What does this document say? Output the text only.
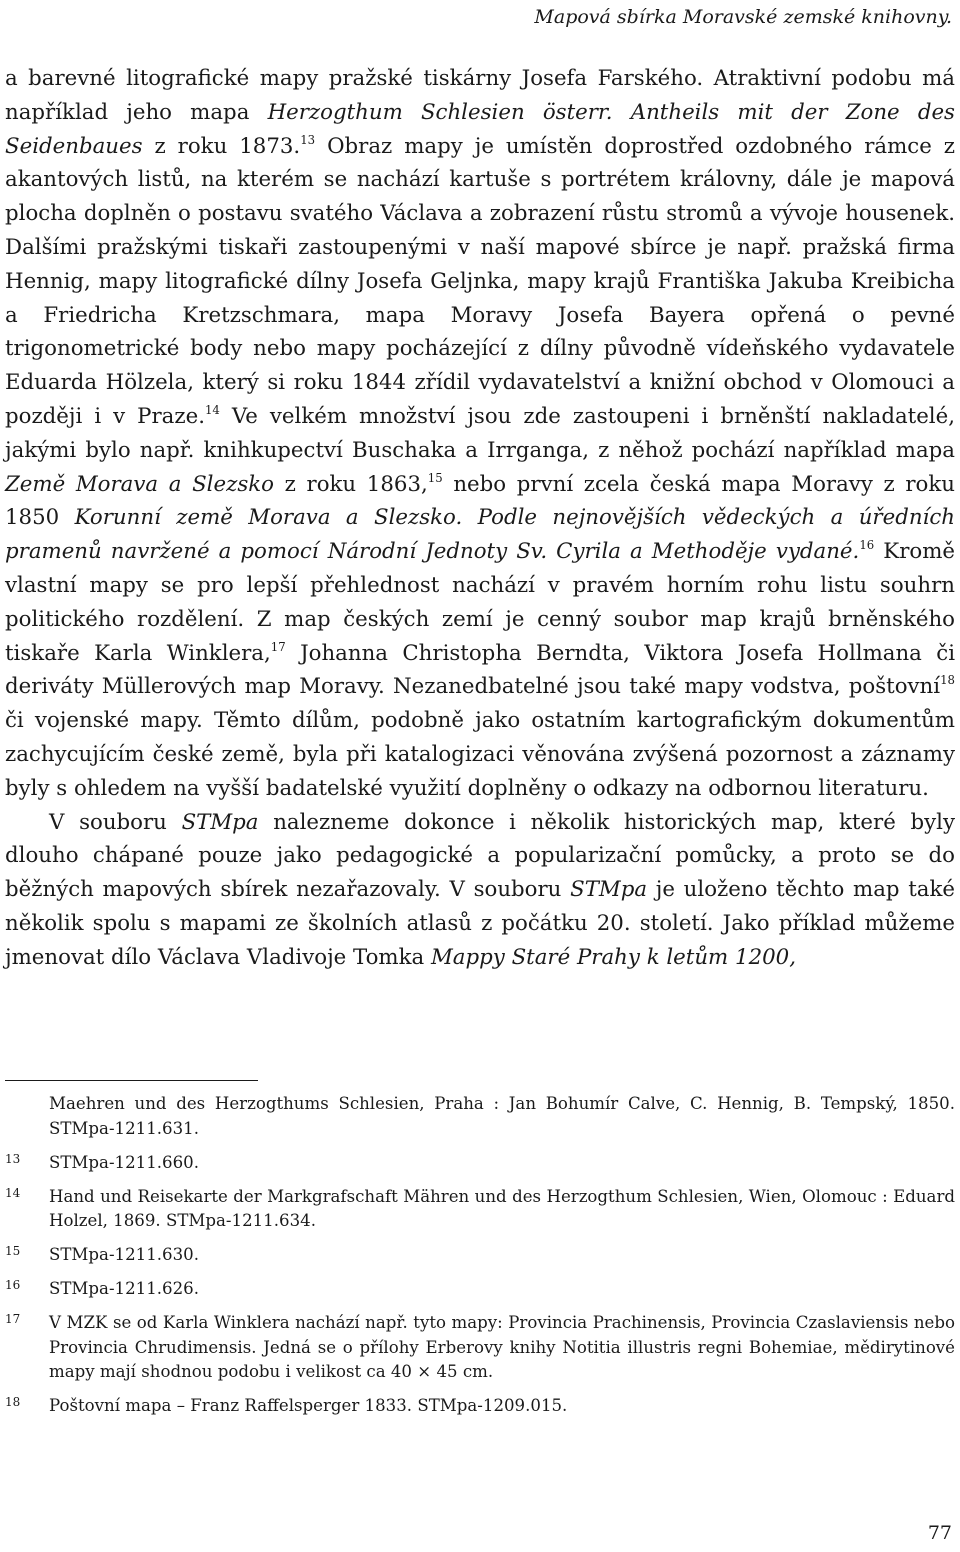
Mapová sbírka Moravské zemské knihovny.

a barevné litografické mapy pražské tiskárny Josefa Farského. Atraktivní podobu má například jeho mapa Herzogthum Schlesien österr. Antheils mit der Zone des Seidenbaues z roku 1873.13 Obraz mapy je umístěn doprostřed ozdobného rámce z akantových listů, na kterém se nachází kartuše s portrétem královny, dále je mapová plocha doplněn o postavu svatého Václava a zobrazení růstu stromů a vývoje housenek. Dalšími pražskými tiskaři zastoupenými v naší mapové sbírce je např. pražská firma Hennig, mapy litografické dílny Josefa Geljnka, mapy krajů Františka Jakuba Kreibicha a Friedricha Kretzschmara, mapa Moravy Josefa Bayera opřená o pevné trigonometrické body nebo mapy pocházející z dílny původně vídeňského vydavatele Eduarda Hölzela, který si roku 1844 zřídil vydavatelství a knižní obchod v Olomouci a později i v Praze.$^{14}$ Ve velkém množství jsou zde zastoupeni i brněnští nakladatelé, jakými bylo např. knihkupectví Buschaka a Irrganga, z něhož pochází například mapa Země Morava a Slezsko z roku 1863,15 nebo první zcela česká mapa Moravy z roku 1850 Korunní země Morava a Slezsko. Podle nejnovějších vědeckých a úředních pramenů navržené a pomocí Národní Jednoty Sv. Cyrila a Methoděje vydané.$^{16}$ Kromě vlastní mapy se pro lepší přehlednost nachází v pravém horním rohu listu souhrn politického rozdělení. Z map českých zemí je cenný soubor map krajů brněnského tiskaře Karla Winklera,$^{17}$ Johanna Christopha Berndta, Viktora Josefa Hollmana či deriváty Müllerových map Moravy. Nezanedbatelné jsou také mapy vodstva, poštovní$^{18}$ či vojenské mapy. Těmto dílům, podobně jako ostatním kartografickým dokumentům zachycujícím české země, byla při katalogizaci věnována zvýšená pozornost a záznamy byly s ohledem na vyšší badatelské využití doplněny o odkazy na odbornou literaturu.

V souboru STMpa nalezneme dokonce i několik historických map, které byly dlouho chápané pouze jako pedagogické a popularizační pomůcky, a proto se do běžných mapových sbírek nezařazovaly. V souboru STMpa je uloženo těchto map také několik spolu s mapami ze školních atlasů z počátku 20. století. Jako příklad můžeme jmenovat dílo Václava Vladivoje Tomka Mappy Staré Prahy k letům 1200,

Maehren und des Herzogthums Schlesien, Praha : Jan Bohumír Calve, C. Hennig, B. Tempský, 1850. STMpa-1211.631.
13 STMpa-1211.660.
14 Hand und Reisekarte der Markgrafschaft Mähren und des Herzogthum Schlesien, Wien, Olomouc : Eduard Holzel, 1869. STMpa-1211.634.
15 STMpa-1211.630.
16 STMpa-1211.626.
17 V MZK se od Karla Winklera nachází např. tyto mapy: Provincia Prachinensis, Provincia Czaslaviensis nebo Provincia Chrudimensis. Jedná se o přílohy Erberovy knihy Notitia illustris regni Bohemiae, mědirytinové mapy mají shodnou podobu i velikost ca 40 × 45 cm.
18 Poštovní mapa – Franz Raffelsperger 1833. STMpa-1209.015.
77
